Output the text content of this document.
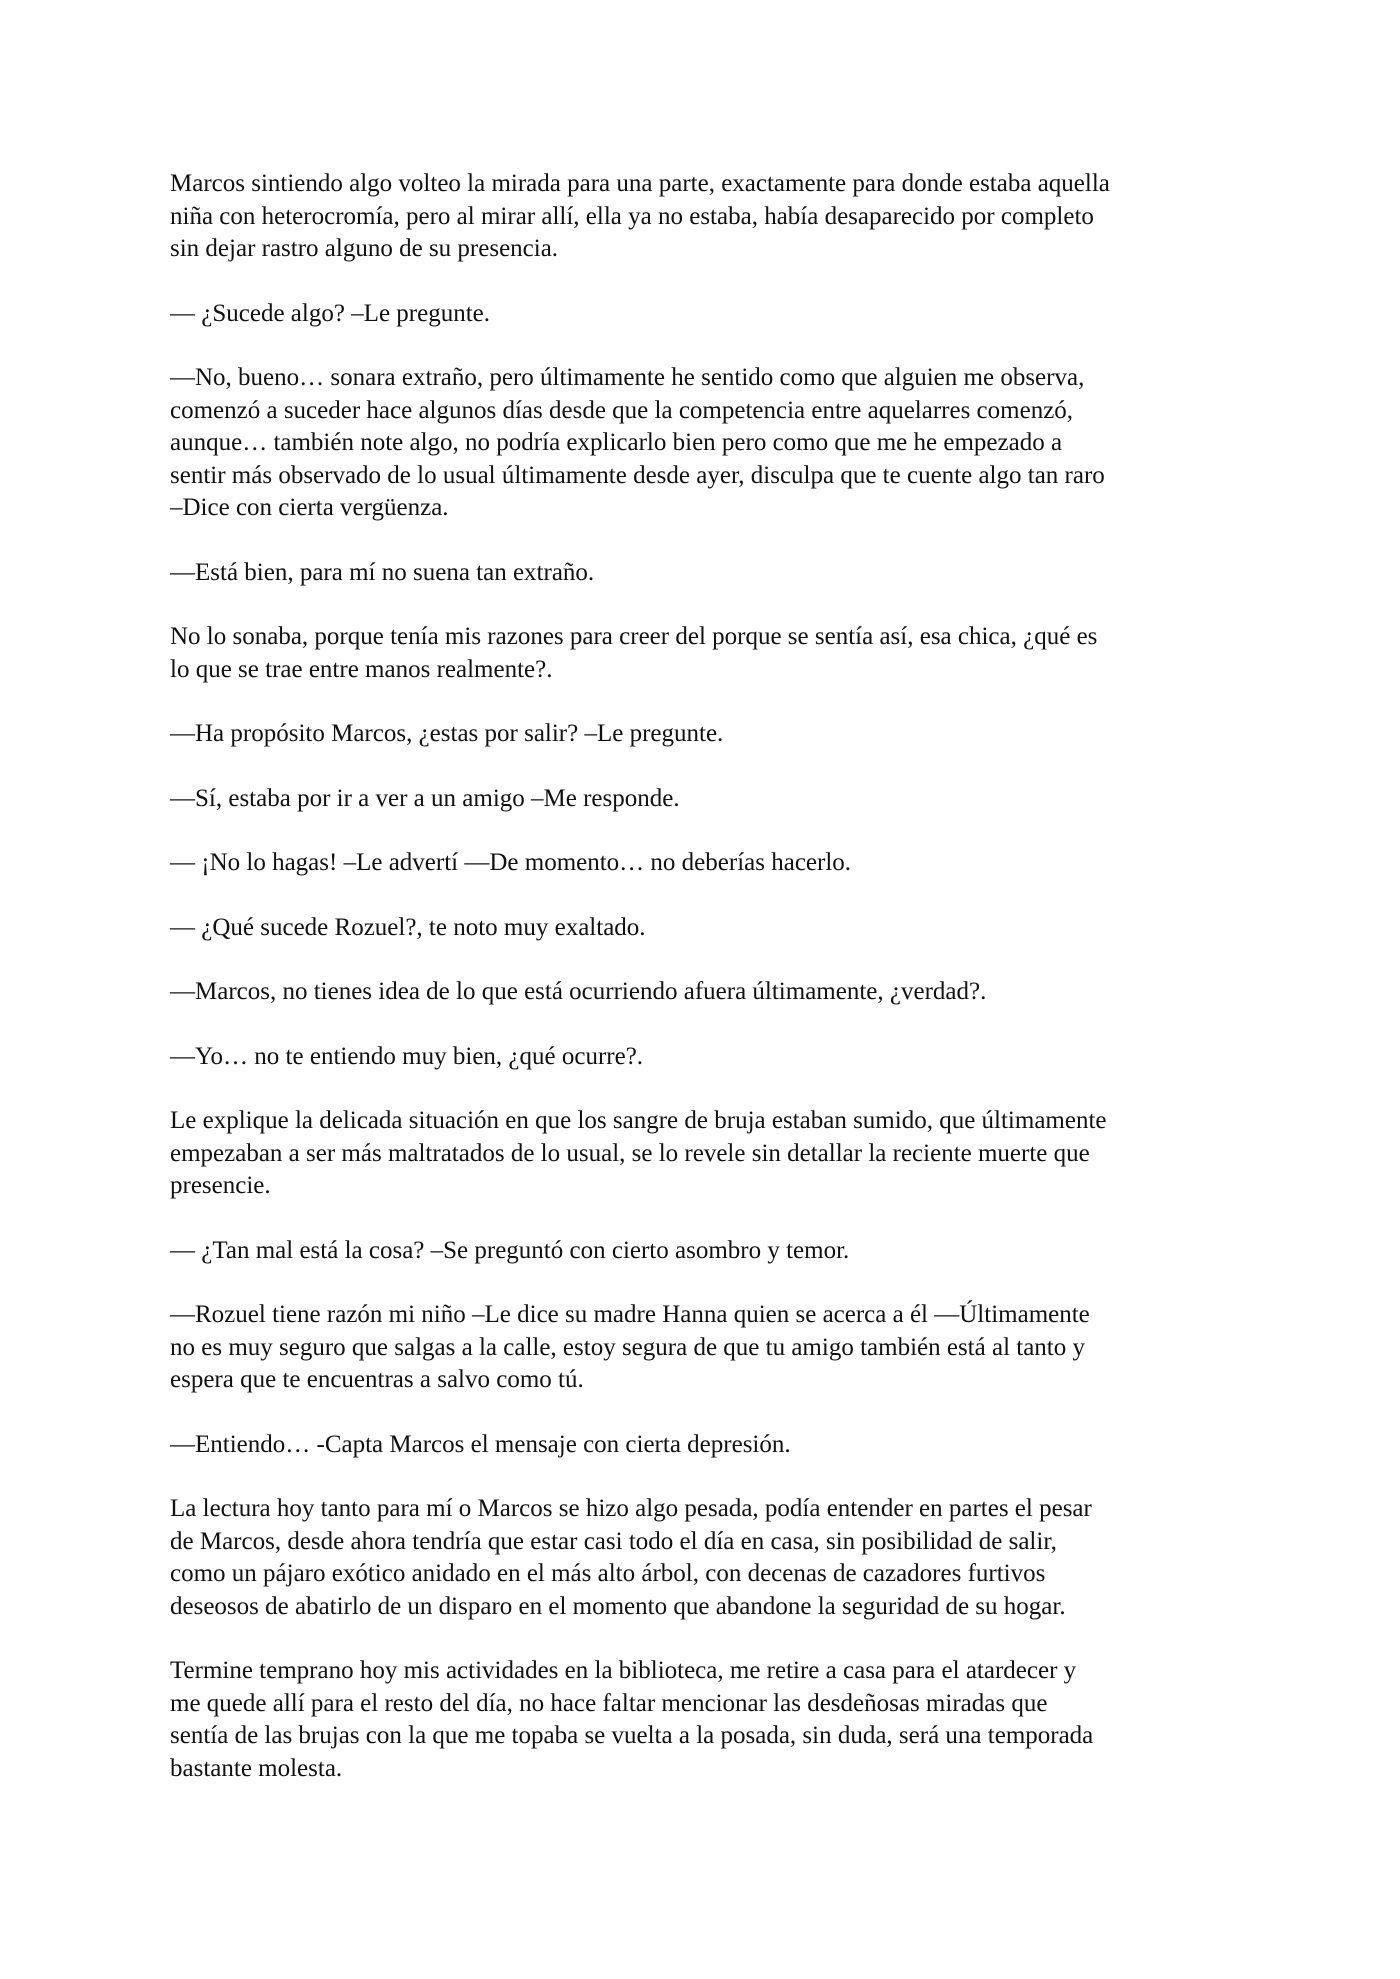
Marcos sintiendo algo volteo la mirada para una parte, exactamente para donde estaba aquella
niña con heterocromía, pero al mirar allí, ella ya no estaba, había desaparecido por completo
sin dejar rastro alguno de su presencia.

— ¿Sucede algo? –Le pregunte.

—No, bueno… sonara extraño, pero últimamente he sentido como que alguien me observa,
comenzó a suceder hace algunos días desde que la competencia entre aquelarres comenzó,
aunque… también note algo, no podría explicarlo bien pero como que me he empezado a
sentir más observado de lo usual últimamente desde ayer, disculpa que te cuente algo tan raro
–Dice con cierta vergüenza.

—Está bien, para mí no suena tan extraño.

No lo sonaba, porque tenía mis razones para creer del porque se sentía así, esa chica, ¿qué es
lo que se trae entre manos realmente?.

—Ha propósito Marcos, ¿estas por salir? –Le pregunte.

—Sí, estaba por ir a ver a un amigo –Me responde.

— ¡No lo hagas! –Le advertí —De momento… no deberías hacerlo.

— ¿Qué sucede Rozuel?, te noto muy exaltado.

—Marcos, no tienes idea de lo que está ocurriendo afuera últimamente, ¿verdad?.

—Yo… no te entiendo muy bien, ¿qué ocurre?.

Le explique la delicada situación en que los sangre de bruja estaban sumido, que últimamente
empezaban a ser más maltratados de lo usual, se lo revele sin detallar la reciente muerte que
presencie.

— ¿Tan mal está la cosa? –Se preguntó con cierto asombro y temor.

—Rozuel tiene razón mi niño –Le dice su madre Hanna quien se acerca a él —Últimamente
no es muy seguro que salgas a la calle, estoy segura de que tu amigo también está al tanto y
espera que te encuentras a salvo como tú.

—Entiendo… -Capta Marcos el mensaje con cierta depresión.

La lectura hoy tanto para mí o Marcos se hizo algo pesada, podía entender en partes el pesar
de Marcos, desde ahora tendría que estar casi todo el día en casa, sin posibilidad de salir,
como un pájaro exótico anidado en el más alto árbol, con decenas de cazadores furtivos
deseosos de abatirlo de un disparo en el momento que abandone la seguridad de su hogar.

Termine temprano hoy mis actividades en la biblioteca, me retire a casa para el atardecer y
me quede allí para el resto del día, no hace faltar mencionar las desdeñosas miradas que
sentía de las brujas con la que me topaba se vuelta a la posada, sin duda, será una temporada
bastante molesta.
